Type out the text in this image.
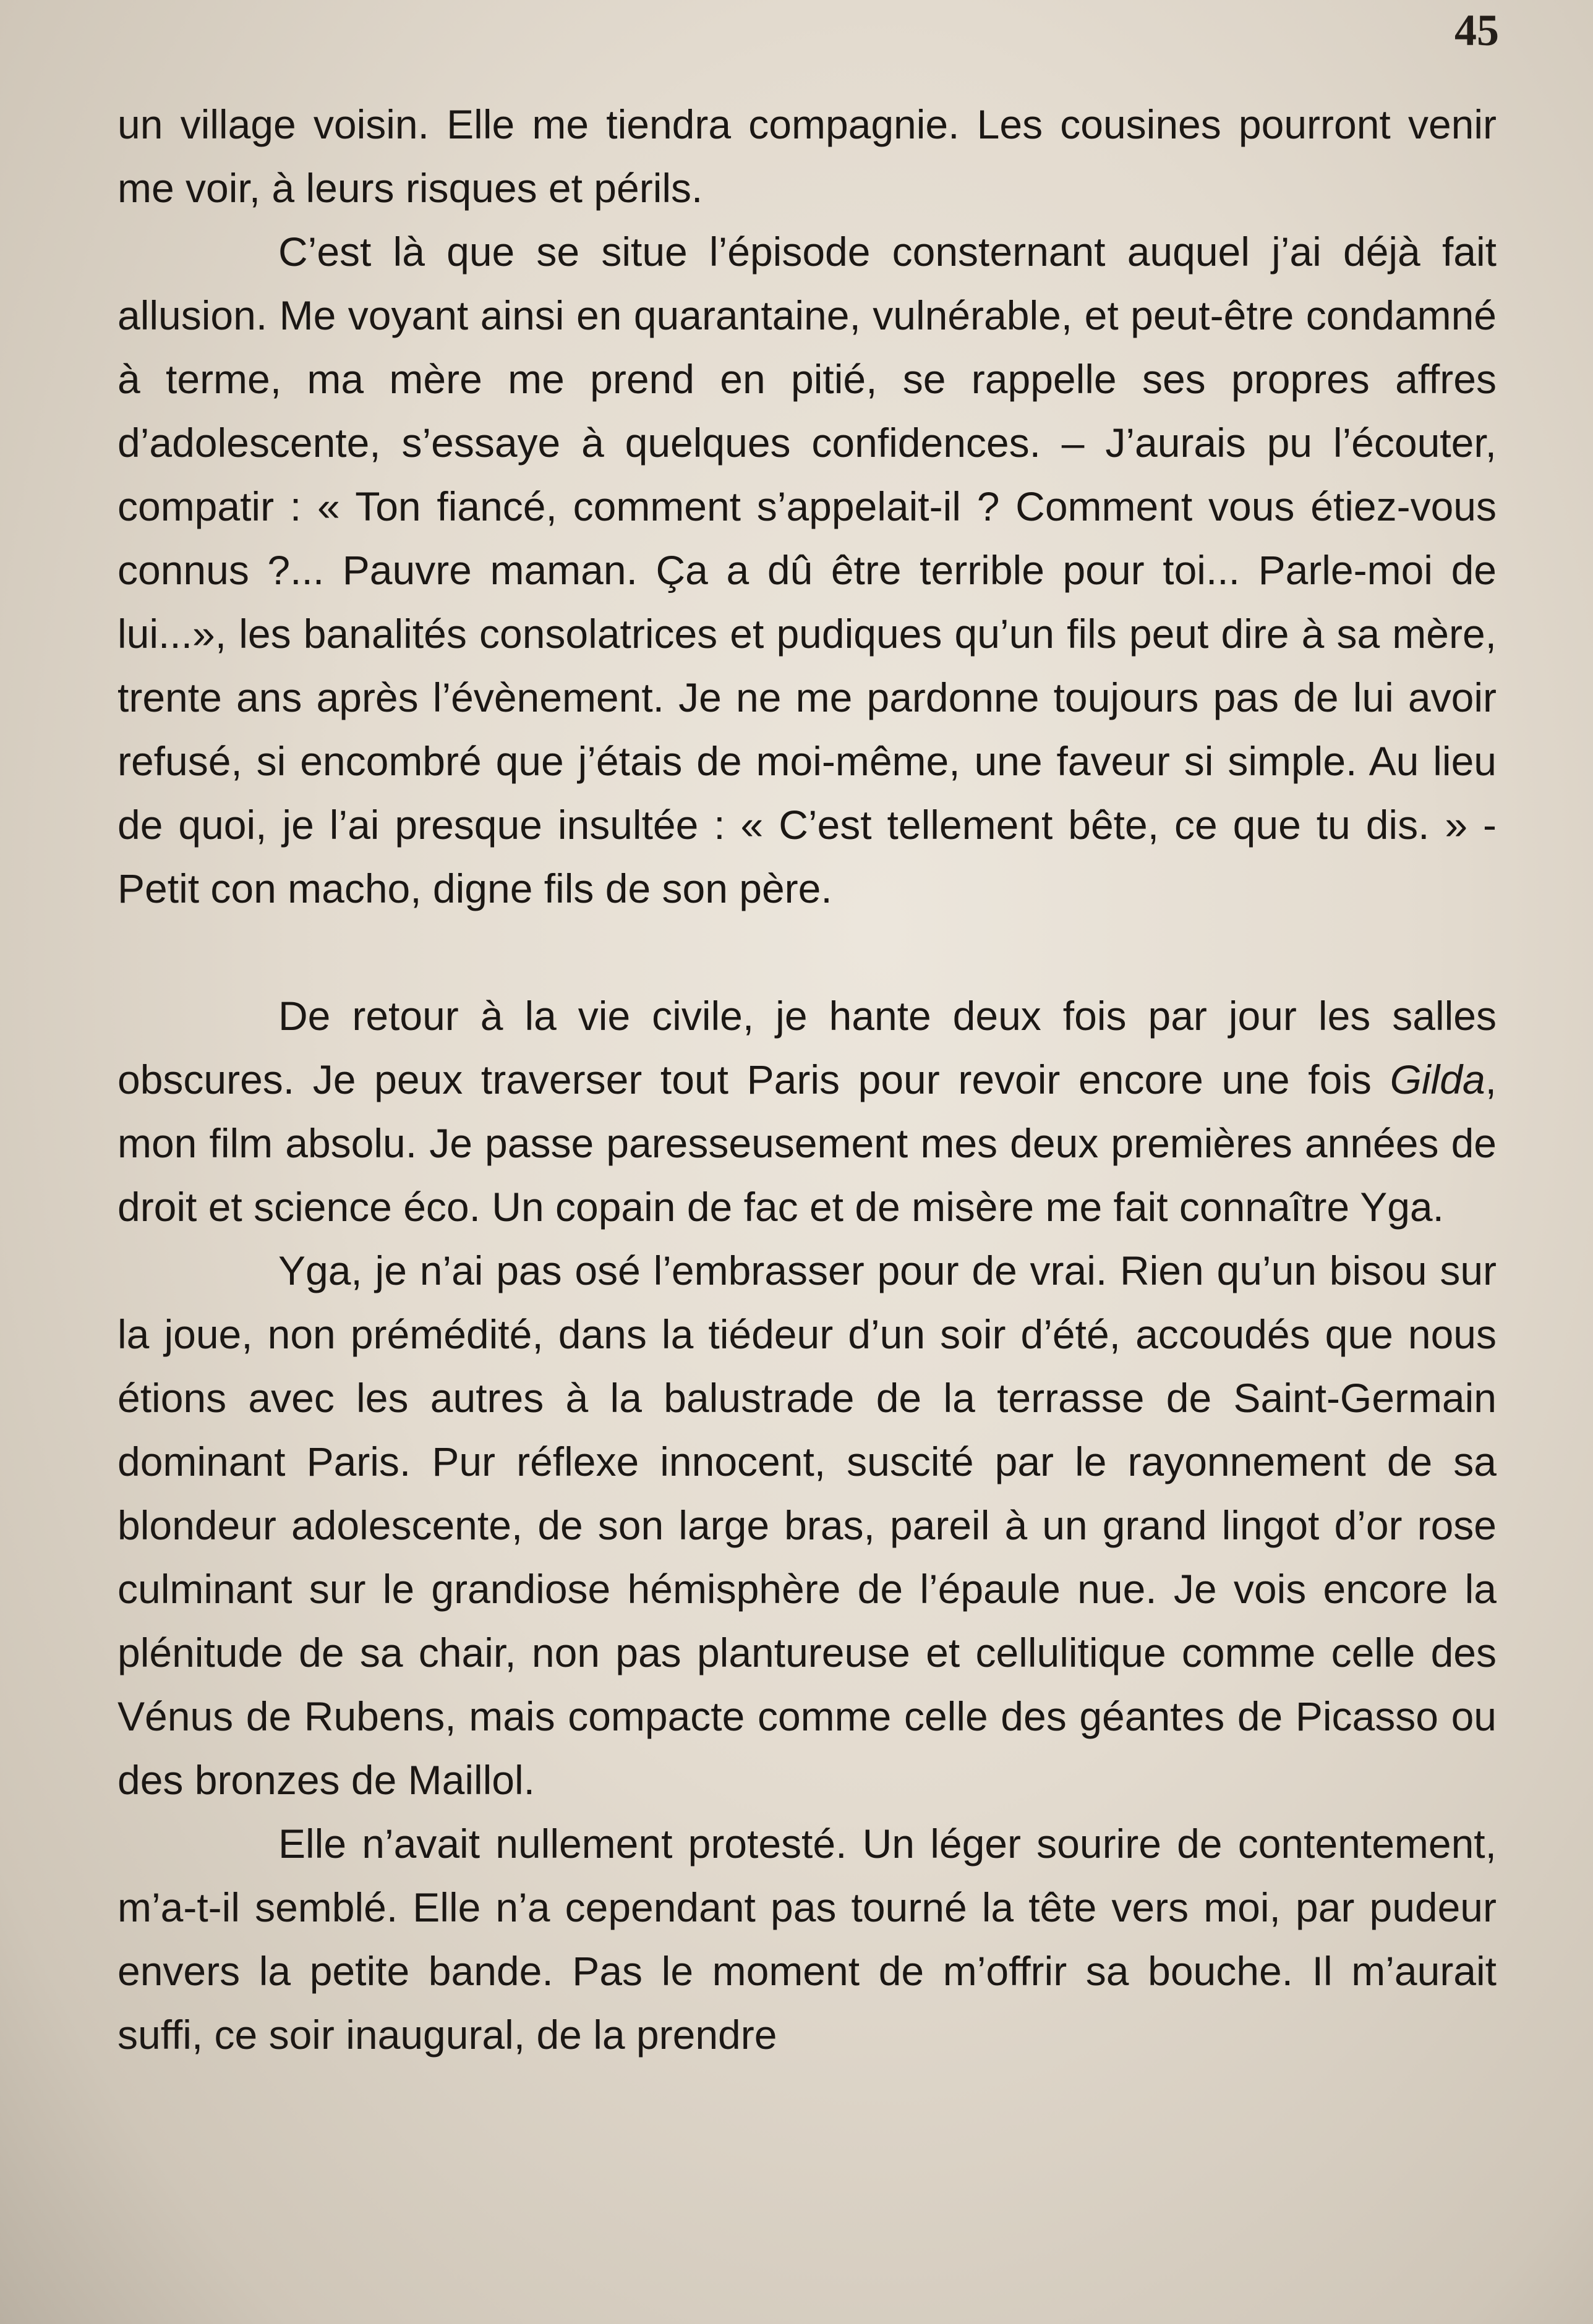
45

un village voisin. Elle me tiendra compagnie. Les cousines pourront venir me voir, à leurs risques et périls.

C’est là que se situe l’épisode consternant auquel j’ai déjà fait allusion. Me voyant ainsi en quarantaine, vulnérable, et peut-être condamné à terme, ma mère me prend en pitié, se rappelle ses propres affres d’adolescente, s’essaye à quelques confidences. – J’aurais pu l’écouter, compatir : « Ton fiancé, comment s’appelait-il ? Comment vous étiez-vous connus ?... Pauvre maman. Ça a dû être terrible pour toi... Parle-moi de lui...», les banalités consolatrices et pudiques qu’un fils peut dire à sa mère, trente ans après l’évènement. Je ne me pardonne toujours pas de lui avoir refusé, si encombré que j’étais de moi-même, une faveur si simple. Au lieu de quoi, je l’ai presque insultée : « C’est tellement bête, ce que tu dis. » - Petit con macho, digne fils de son père.

De retour à la vie civile, je hante deux fois par jour les salles obscures. Je peux traverser tout Paris pour revoir encore une fois Gilda, mon film absolu. Je passe paresseusement mes deux premières années de droit et science éco. Un copain de fac et de misère me fait connaître Yga.

Yga, je n’ai pas osé l’embrasser pour de vrai. Rien qu’un bisou sur la joue, non prémédité, dans la tiédeur d’un soir d’été, accoudés que nous étions avec les autres à la balustrade de la terrasse de Saint-Germain dominant Paris. Pur réflexe innocent, suscité par le rayonnement de sa blondeur adolescente, de son large bras, pareil à un grand lingot d’or rose culminant sur le grandiose hémisphère de l’épaule nue. Je vois encore la plénitude de sa chair, non pas plantureuse et cellulitique comme celle des Vénus de Rubens, mais compacte comme celle des géantes de Picasso ou des bronzes de Maillol.

Elle n’avait nullement protesté. Un léger sourire de contentement, m’a-t-il semblé. Elle n’a cependant pas tourné la tête vers moi, par pudeur envers la petite bande. Pas le moment de m’offrir sa bouche. Il m’aurait suffi, ce soir inaugural, de la prendre
